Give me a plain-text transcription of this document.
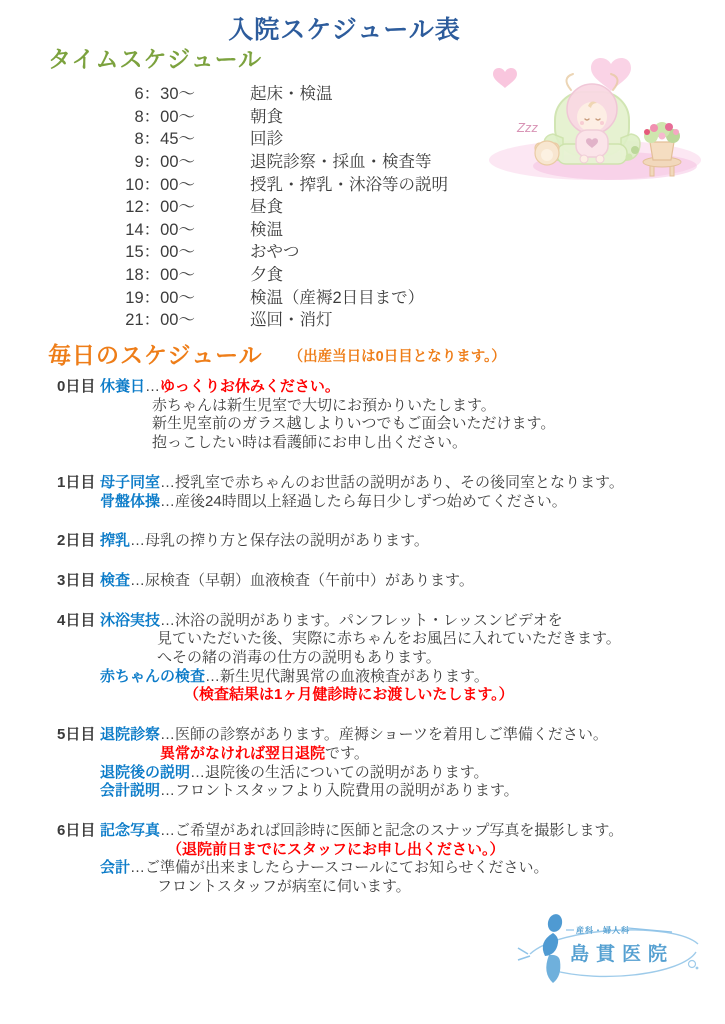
入院スケジュール表
Zzz
タイムスケジュール
6：30～	起床・検温
8：00～	朝食
8：45～	回診
9：00～	退院診察・採血・検査等
10：00～	授乳・搾乳・沐浴等の説明
12：00～	昼食
14：00～	検温
15：00～	おやつ
18：00～	夕食
19：00～	検温（産褥2日目まで）
21：00～	巡回・消灯
毎日のスケジュール （出産当日は0日目となります。）
0日目 休養日…ゆっくりお休みください。
赤ちゃんは新生児室で大切にお預かりいたします。
新生児室前のガラス越しよりいつでもご面会いただけます。
抱っこしたい時は看護師にお申し出ください。
1日目 母子同室…授乳室で赤ちゃんのお世話の説明があり、その後同室となります。
骨盤体操…産後24時間以上経過したら毎日少しずつ始めてください。
2日目 搾乳…母乳の搾り方と保存法の説明があります。
3日目 検査…尿検査（早朝）血液検査（午前中）があります。
4日目 沐浴実技…沐浴の説明があります。パンフレット・レッスンビデオを
見ていただいた後、実際に赤ちゃんをお風呂に入れていただきます。
へその緒の消毒の仕方の説明もあります。
赤ちゃんの検査…新生児代謝異常の血液検査があります。
（検査結果は1ヶ月健診時にお渡しいたします。）
5日目 退院診察…医師の診察があります。産褥ショーツを着用しご準備ください。
異常がなければ翌日退院です。
退院後の説明…退院後の生活についての説明があります。
会計説明…フロントスタッフより入院費用の説明があります。
6日目 記念写真…ご希望があれば回診時に医師と記念のスナップ写真を撮影します。
（退院前日までにスタッフにお申し出ください。）
会計…ご準備が出来ましたらナースコールにてお知らせください。
フロントスタッフが病室に伺います。
産科・婦人科
島貫医院
